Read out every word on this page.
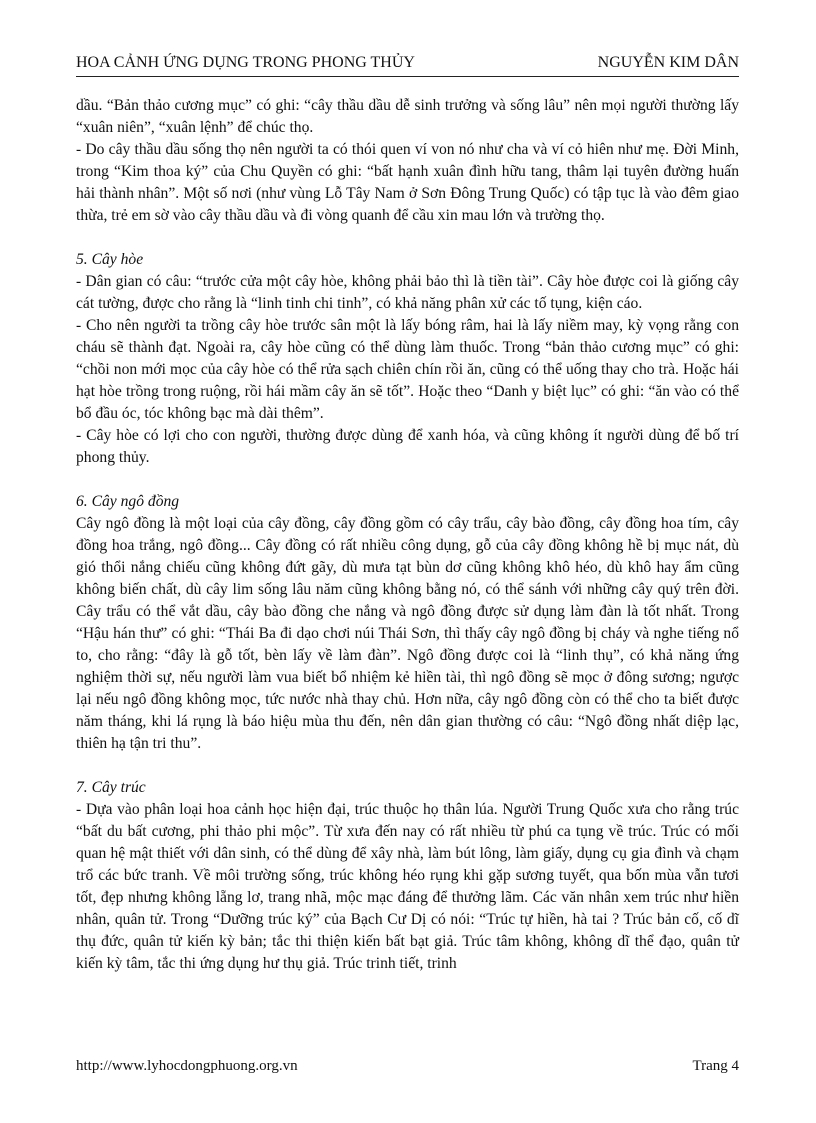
HOA CẢNH ỨNG DỤNG TRONG PHONG THỦY	NGUYỄN KIM DÂN

dầu. “Bản thảo cương mục” có ghi: “cây thầu dầu dễ sinh trưởng và sống lâu” nên mọi người thường lấy “xuân niên”, “xuân lệnh” để chúc thọ.

- Do cây thầu dầu sống thọ nên người ta có thói quen ví von nó như cha và ví cỏ hiên như mẹ. Đời Minh, trong “Kim thoa ký” của Chu Quyền có ghi: “bất hạnh xuân đình hữu tang, thâm lại tuyên đường huấn hải thành nhân”. Một số nơi (như vùng Lỗ Tây Nam ở Sơn Đông Trung Quốc) có tập tục là vào đêm giao thừa, trẻ em sờ vào cây thầu dầu và đi vòng quanh để cầu xin mau lớn và trường thọ.

5. Cây hòe

- Dân gian có câu: “trước cửa một cây hòe, không phải bảo thì là tiền tài”. Cây hòe được coi là giống cây cát tường, được cho rằng là “linh tinh chi tinh”, có khả năng phân xử các tố tụng, kiện cáo.

- Cho nên người ta trồng cây hòe trước sân một là lấy bóng râm, hai là lấy niềm may, kỳ vọng rằng con cháu sẽ thành đạt. Ngoài ra, cây hòe cũng có thể dùng làm thuốc. Trong “bản thảo cương mục” có ghi: “chồi non mới mọc của cây hòe có thể rửa sạch chiên chín rồi ăn, cũng có thể uống thay cho trà. Hoặc hái hạt hòe trồng trong ruộng, rồi hái mầm cây ăn sẽ tốt”. Hoặc theo “Danh y biệt lục” có ghi: “ăn vào có thể bổ đầu óc, tóc không bạc mà dài thêm”.

- Cây hòe có lợi cho con người, thường được dùng để xanh hóa, và cũng không ít người dùng để bố trí phong thủy.

6. Cây ngô đồng

Cây ngô đồng là một loại của cây đồng, cây đồng gồm có cây trẩu, cây bào đồng, cây đồng hoa tím, cây đồng hoa trắng, ngô đồng... Cây đồng có rất nhiều công dụng, gỗ của cây đồng không hề bị mục nát, dù gió thổi nắng chiếu cũng không đứt gãy, dù mưa tạt bùn dơ cũng không khô héo, dù khô hay ẩm cũng không biến chất, dù cây lim sống lâu năm cũng không bằng nó, có thể sánh với những cây quý trên đời. Cây trẩu có thể vắt dầu, cây bào đồng che nắng và ngô đồng được sử dụng làm đàn là tốt nhất. Trong “Hậu hán thư” có ghi: “Thái Ba đi dạo chơi núi Thái Sơn, thì thấy cây ngô đồng bị cháy và nghe tiếng nổ to, cho rằng: “đây là gỗ tốt, bèn lấy về làm đàn”. Ngô đồng được coi là “linh thụ”, có khả năng ứng nghiệm thời sự, nếu người làm vua biết bổ nhiệm kẻ hiền tài, thì ngô đồng sẽ mọc ở đông sương; ngược lại nếu ngô đồng không mọc, tức nước nhà thay chủ. Hơn nữa, cây ngô đồng còn có thể cho ta biết được năm tháng, khi lá rụng là báo hiệu mùa thu đến, nên dân gian thường có câu: “Ngô đồng nhất diệp lạc, thiên hạ tận tri thu”.

7. Cây trúc

- Dựa vào phân loại hoa cảnh học hiện đại, trúc thuộc họ thân lúa. Người Trung Quốc xưa cho rằng trúc “bất du bất cương, phi thảo phi mộc”. Từ xưa đến nay có rất nhiều từ phú ca tụng về trúc. Trúc có mối quan hệ mật thiết với dân sinh, có thể dùng để xây nhà, làm bút lông, làm giấy, dụng cụ gia đình và chạm trổ các bức tranh. Về môi trường sống, trúc không héo rụng khi gặp sương tuyết, qua bốn mùa vẫn tươi tốt, đẹp nhưng không lẵng lơ, trang nhã, mộc mạc đáng để thưởng lãm. Các văn nhân xem trúc như hiền nhân, quân tử. Trong “Dưỡng trúc ký” của Bạch Cư Dị có nói: “Trúc tự hiền, hà tai ? Trúc bản cố, cố dĩ thụ đức, quân tử kiến kỳ bản; tắc thi thiện kiến bất bạt giả. Trúc tâm không, không dĩ thể đạo, quân tử kiến kỳ tâm, tắc thi ứng dụng hư thụ giả. Trúc trinh tiết, trinh

http://www.lyhocdongphuong.org.vn	Trang 4
